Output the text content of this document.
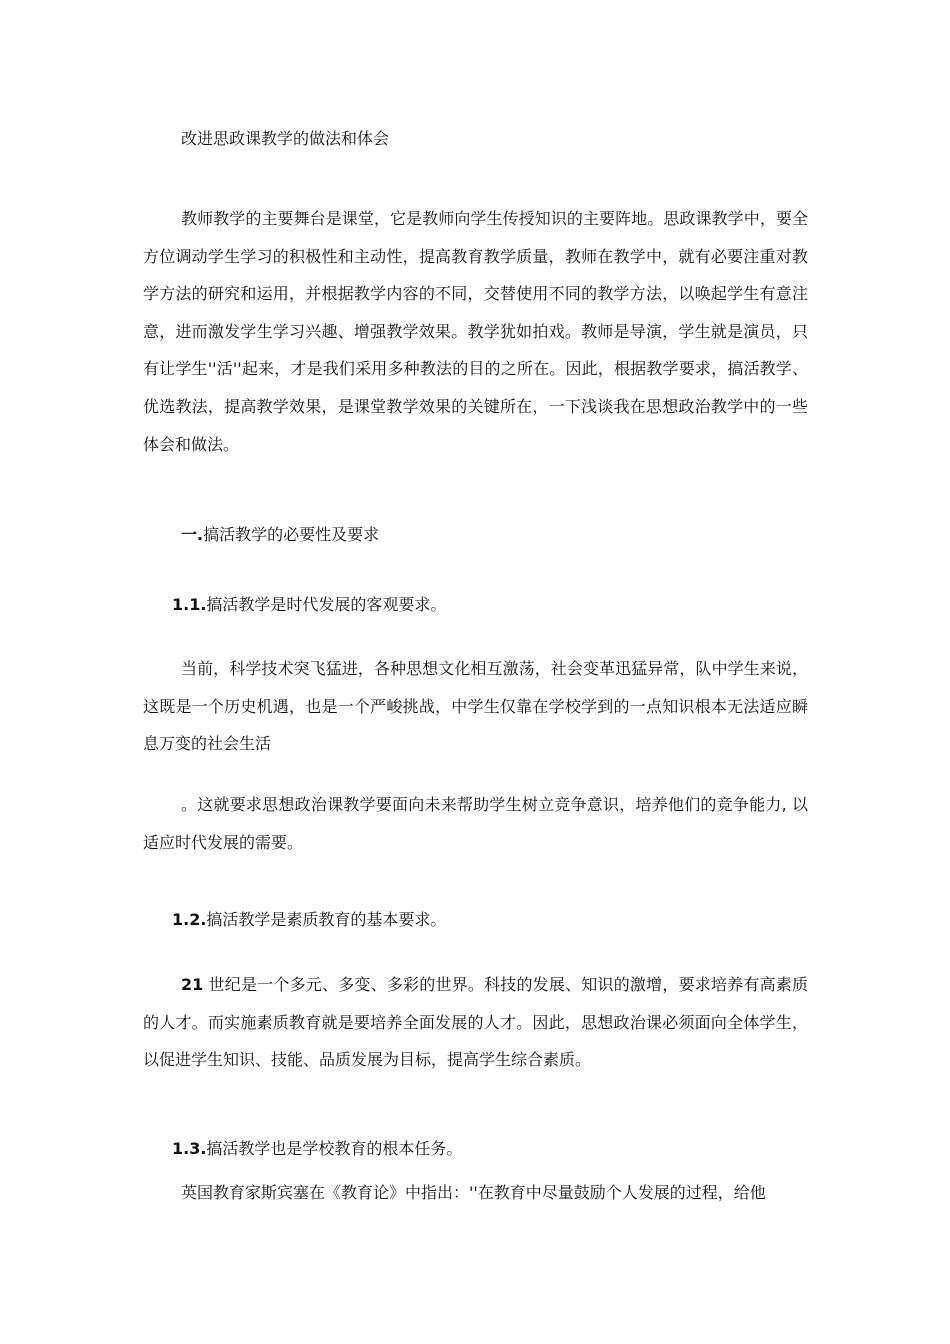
改进思政课教学的做法和体会
教师教学的主要舞台是课堂，它是教师向学生传授知识的主要阵地。思政课教学中，要全方位调动学生学习的积极性和主动性，提高教育教学质量，教师在教学中，就有必要注重对教学方法的研究和运用，并根据教学内容的不同，交替使用不同的教学方法，以唤起学生有意注意，进而激发学生学习兴趣、增强教学效果。教学犹如拍戏。教师是导演，学生就是演员，只有让学生''活''起来，才是我们采用多种教法的目的之所在。因此，根据教学要求，搞活教学、优选教法，提高教学效果，是课堂教学效果的关键所在，一下浅谈我在思想政治教学中的一些体会和做法。
一.搞活教学的必要性及要求
1.1.搞活教学是时代发展的客观要求。
当前，科学技术突飞猛进，各种思想文化相互激荡，社会变革迅猛异常，队中学生来说，这既是一个历史机遇，也是一个严峻挑战，中学生仅靠在学校学到的一点知识根本无法适应瞬息万变的社会生活
。这就要求思想政治课教学要面向未来帮助学生树立竞争意识，培养他们的竞争能力, 以适应时代发展的需要。
1.2.搞活教学是素质教育的基本要求。
21 世纪是一个多元、多变、多彩的世界。科技的发展、知识的激增，要求培养有高素质的人才。而实施素质教育就是要培养全面发展的人才。因此，思想政治课必须面向全体学生，以促进学生知识、技能、品质发展为目标，提高学生综合素质。
1.3.搞活教学也是学校教育的根本任务。
英国教育家斯宾塞在《教育论》中指出：''在教育中尽量鼓励个人发展的过程，给他
